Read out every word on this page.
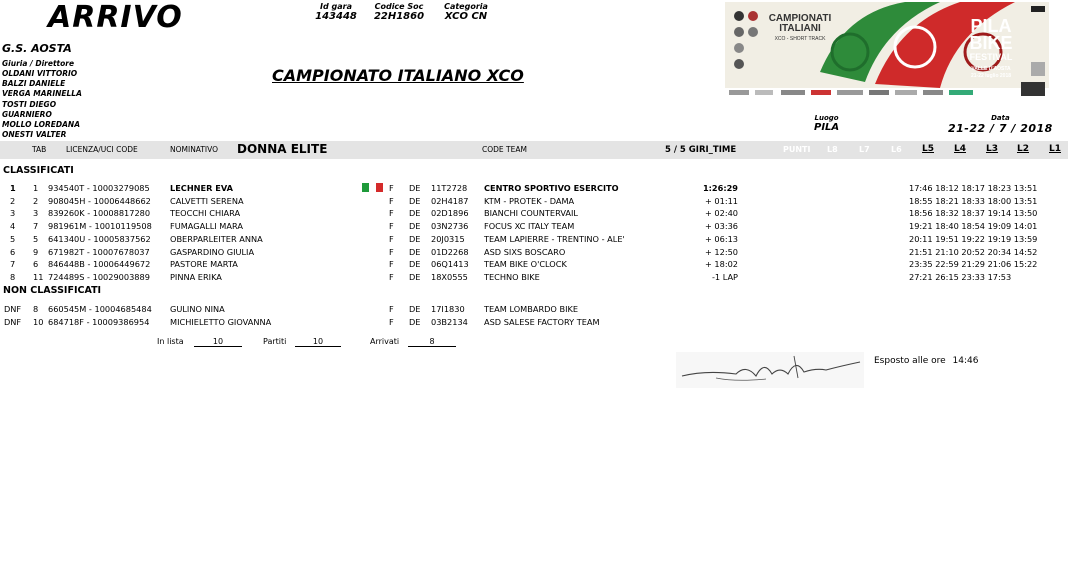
ARRIVO
G.S. AOSTA
Giuria / Direttore
OLDANI VITTORIO
BALZI DANIELE
VERGA MARINELLA
TOSTI DIEGO
GUARNIERO
MOLLO LOREDANA
ONESTI VALTER
Id gara
143448
Codice Soc
22H1860
Categoria
XCO CN
CAMPIONATO ITALIANO XCO
CAMPIONATI
ITALIANI
XCO - SHORT TRACK
PILA
BIKE
FESTIVAL
VALLE D'AOSTA
21-22 luglio 2018
Luogo
PILA
Data
21-22 / 7 / 2018
TAB	LICENZA/UCI CODE	NOMINATIVO DONNA ELITE	CODE TEAM	5 / 5 GIRI_TIME	PUNTI L8	L7	L6 L5 L4 L3 L2 L1
CLASSIFICATI
1 1 934540T - 10003279085 LECHNER EVA	F DE 11T2728 CENTRO SPORTIVO ESERCITO	1:26:29	17:46 18:12 18:17 18:23 13:51
2 2 908045H - 10006448662 CALVETTI SERENA	F DE 02H4187 KTM - PROTEK - DAMA	+ 01:11	18:55 18:21 18:33 18:00 13:51
3 3 839260K - 10008817280 TEOCCHI CHIARA	F DE 02D1896 BIANCHI COUNTERVAIL	+ 02:40	18:56 18:32 18:37 19:14 13:50
4 7 981961M - 10010119508 FUMAGALLI MARA	F DE 03N2736 FOCUS XC ITALY TEAM	+ 03:36	19:21 18:40 18:54 19:09 14:01
5 5 641340U - 10005837562 OBERPARLEITER ANNA	F DE 20J0315 TEAM LAPIERRE - TRENTINO - ALE'	+ 06:13	20:11 19:51 19:22 19:19 13:59
6 9 671982T - 10007678037 GASPARDINO GIULIA	F DE 01D2268 ASD SIXS BOSCARO	+ 12:50	21:51 21:10 20:52 20:34 14:52
7 6 846448B - 10006449672 PASTORE MARTA	F DE 06Q1413 TEAM BIKE O'CLOCK	+ 18:02	23:35 22:59 21:29 21:06 15:22
8 11 724489S - 10029003889 PINNA ERIKA	F DE 18X0555 TECHNO BIKE	-1 LAP	27:21 26:15 23:33 17:53
NON CLASSIFICATI
DNF 8 660545M - 10004685484 GULINO NINA	F DE 17I1830 TEAM LOMBARDO BIKE
DNF 10 684718F - 10009386954	MICHIELETTO GIOVANNA	F DE 03B2134 ASD SALESE FACTORY TEAM
In lista	10	Partiti	10	Arrivati	8
Esposto alle ore 14:46
